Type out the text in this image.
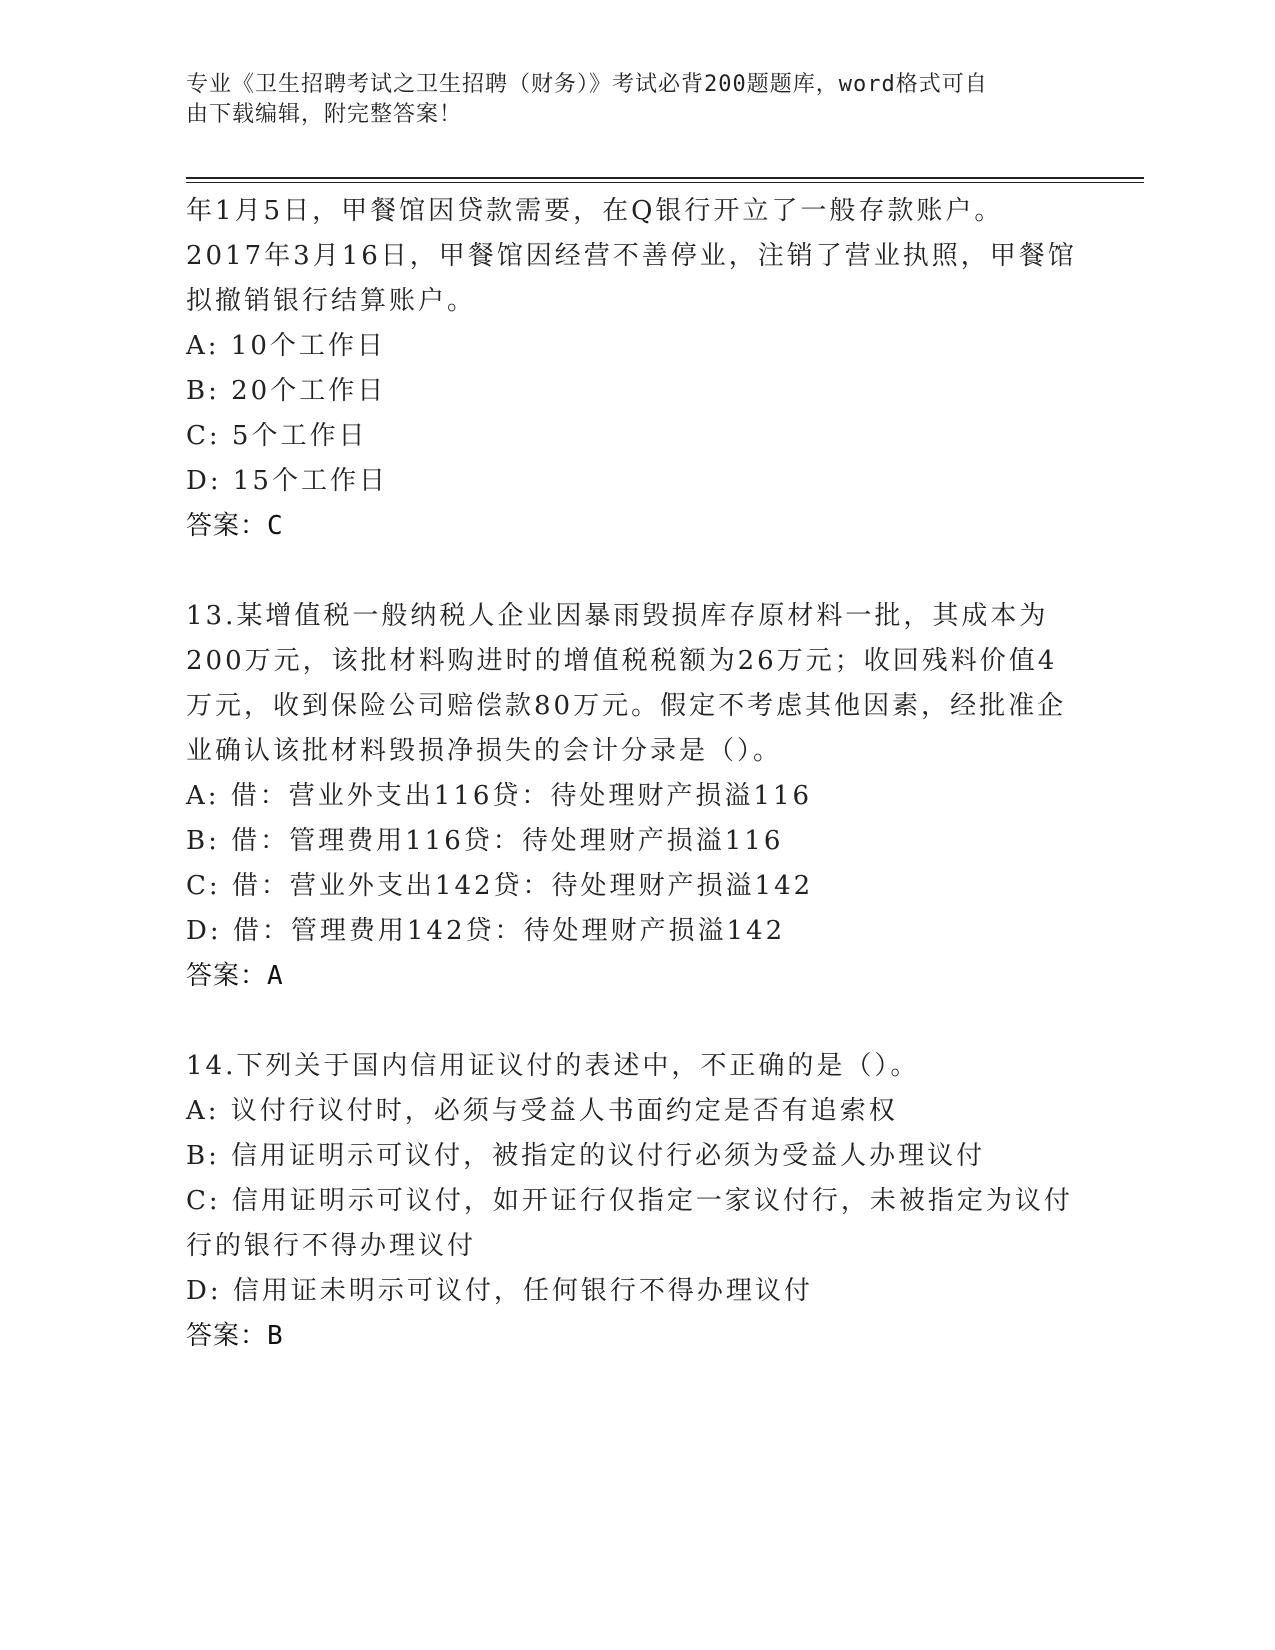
专业《卫生招聘考试之卫生招聘（财务）》考试必背200题题库，word格式可自
由下载编辑，附完整答案！
年1月5日，甲餐馆因贷款需要，在Q银行开立了一般存款账户。
2017年3月16日，甲餐馆因经营不善停业，注销了营业执照，甲餐馆
拟撤销银行结算账户。
A: 10个工作日
B: 20个工作日
C: 5个工作日
D: 15个工作日
答案：C
13.某增值税一般纳税人企业因暴雨毁损库存原材料一批，其成本为
200万元，该批材料购进时的增值税税额为26万元；收回残料价值4
万元，收到保险公司赔偿款80万元。假定不考虑其他因素，经批准企
业确认该批材料毁损净损失的会计分录是（）。
A: 借：营业外支出116贷：待处理财产损溢116
B: 借：管理费用116贷：待处理财产损溢116
C: 借：营业外支出142贷：待处理财产损溢142
D: 借：管理费用142贷：待处理财产损溢142
答案：A
14.下列关于国内信用证议付的表述中，不正确的是（）。
A: 议付行议付时，必须与受益人书面约定是否有追索权
B: 信用证明示可议付，被指定的议付行必须为受益人办理议付
C: 信用证明示可议付，如开证行仅指定一家议付行，未被指定为议付
行的银行不得办理议付
D: 信用证未明示可议付，任何银行不得办理议付
答案：B
